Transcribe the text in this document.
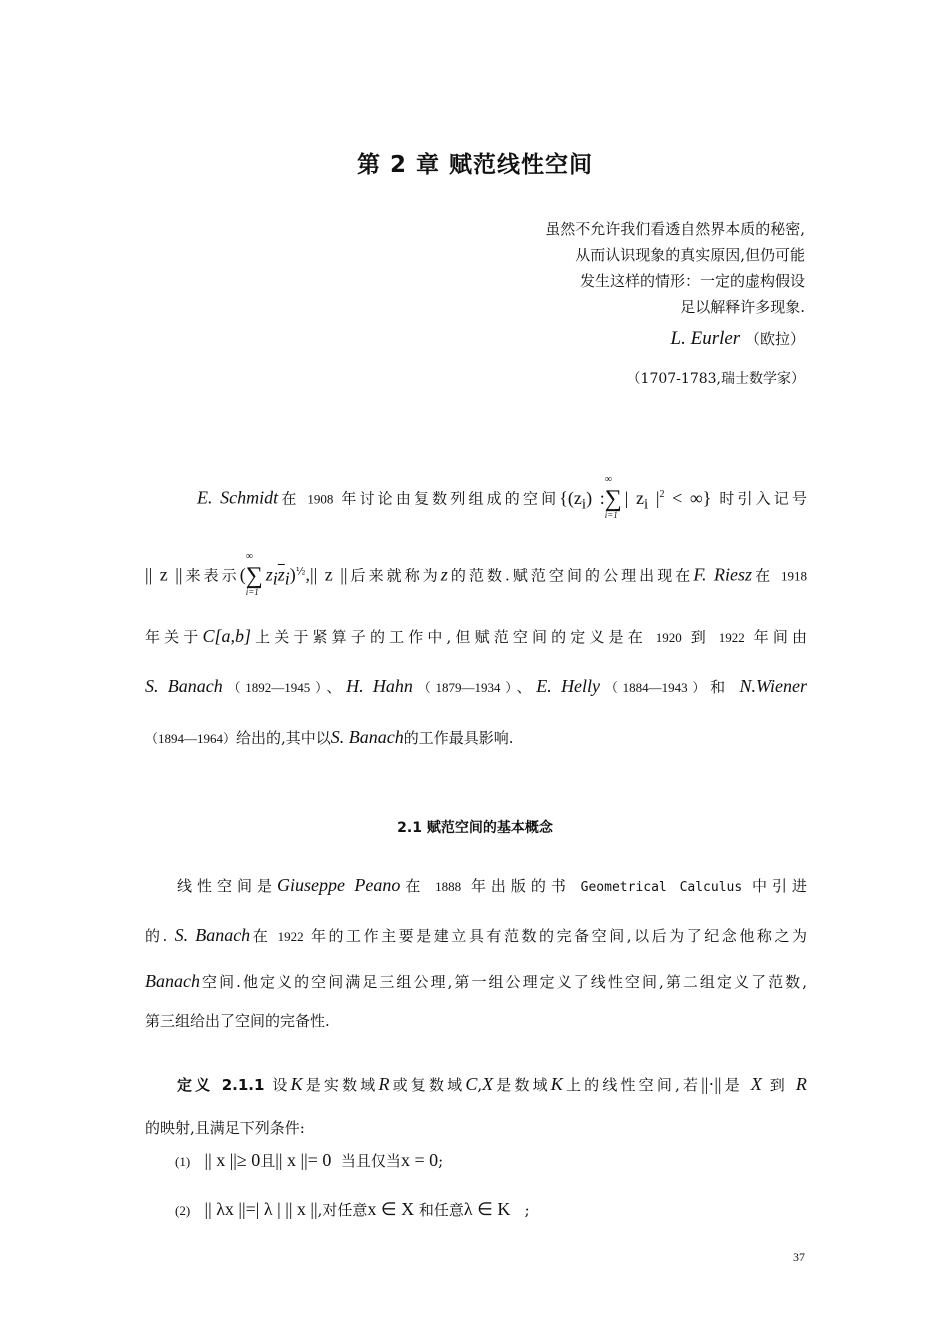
第 2 章 赋范线性空间
虽然不允许我们看透自然界本质的秘密,
从而认识现象的真实原因,但仍可能
发生这样的情形：一定的虚构假设
足以解释许多现象.
L. Eurler （欧拉）
（1707-1783,瑞士数学家）
E. Schmidt在 1908 年讨论由复数列组成的空间{$(z_i)$ :
∞
∑
i=1
| $z_i$ $|^2$ < ∞} 时引入记号
|| z ||来表示(
∞
∑
i=1
$z_i\overline{z}_i)^{\frac{1}{2}},||$ z ||后来就称为z的范数.赋范空间的公理出现在F. Riesz在 1918
年关于C[a,b]上关于紧算子的工作中,但赋范空间的定义是在 1920 到 1922 年间由
S. Banach（1892—1945）、H. Hahn（1879—1934）、E. Helly（1884—1943）和 N.Wiener
（1894—1964）给出的,其中以S. Banach的工作最具影响.
2.1 赋范空间的基本概念
线性空间是Giuseppe Peano在 1888 年出版的书 Geometrical Calculus 中引进
的. S. Banach在 1922 年的工作主要是建立具有范数的完备空间,以后为了纪念他称之为
Banach空间.他定义的空间满足三组公理,第一组公理定义了线性空间,第二组定义了范数,
第三组给出了空间的完备性.
定义 2.1.1 设K是实数域R或复数域C,X是数域K上的线性空间,若||·||是 X 到 R
的映射,且满足下列条件:
(1) || x ||≥ 0且|| x ||= 0 当且仅当x = 0;
(2) || λx ||=| λ | || x ||,对任意x ∈ X 和任意λ ∈ K ;
37
